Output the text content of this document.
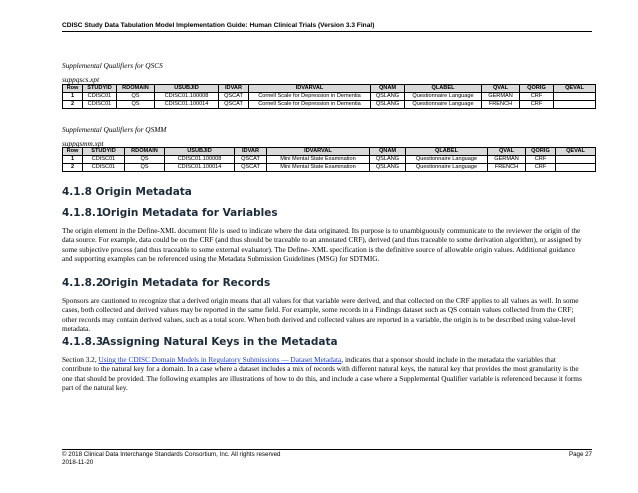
CDISC Study Data Tabulation Model Implementation Guide: Human Clinical Trials (Version 3.3 Final)
Supplemental Qualifiers for QSCS
suppqscs.xpt
Row	STUDYID	RDOMAIN	USUBJID	IDVAR	IDVARVAL	QNAM	QLABEL	QVAL	QORIG	QEVAL
1	CDISC01	QS	CDISC01.100008	QSCAT	Cornell Scale for Depression in Dementia	QSLANG	Questionnaire Language	GERMAN	CRF	
2	CDISC01	QS	CDISC01.100014	QSCAT	Cornell Scale for Depression in Dementia	QSLANG	Questionnaire Language	FRENCH	CRF	
Supplemental Qualifiers for QSMM
suppqsmm.xpt
Row	STUDYID	RDOMAIN	USUBJID	IDVAR	IDVARVAL	QNAM	QLABEL	QVAL	QORIG	QEVAL
1	CDISC01	QS	CDISC01.100008	QSCAT	Mini Mental State Examination	QSLANG	Questionnaire Language	GERMAN	CRF	
2	CDISC01	QS	CDISC01.100014	QSCAT	Mini Mental State Examination	QSLANG	Questionnaire Language	FRENCH	CRF	
4.1.8 Origin Metadata
4.1.8.1Origin Metadata for Variables

The origin element in the Define-XML document file is used to indicate where the data originated. Its purpose is to unambiguously communicate to the reviewer the origin of the data source. For example, data could be on the CRF (and thus should be traceable to an annotated CRF), derived (and thus traceable to some derivation algorithm), or assigned by some subjective process (and thus traceable to some external evaluator). The Define- XML specification is the definitive source of allowable origin values. Additional guidance and supporting examples can be referenced using the Metadata Submission Guidelines (MSG) for SDTMIG.

4.1.8.2Origin Metadata for Records

Sponsors are cautioned to recognize that a derived origin means that all values for that variable were derived, and that collected on the CRF applies to all values as well. In some cases, both collected and derived values may be reported in the same field. For example, some records in a Findings dataset such as QS contain values collected from the CRF; other records may contain derived values, such as a total score. When both derived and collected values are reported in a variable, the origin is to be described using value-level metadata.

4.1.8.3Assigning Natural Keys in the Metadata

Section 3.2, Using the CDISC Domain Models in Regulatory Submissions — Dataset Metadata, indicates that a sponsor should include in the metadata the variables that contribute to the natural key for a domain. In a case where a dataset includes a mix of records with different natural keys, the natural key that provides the most granularity is the one that should be provided. The following examples are illustrations of how to do this, and include a case where a Supplemental Qualifier variable is referenced because it forms part of the natural key.

© 2018 Clinical Data Interchange Standards Consortium, Inc. All rights reserved
2018-11-20
Page 27
